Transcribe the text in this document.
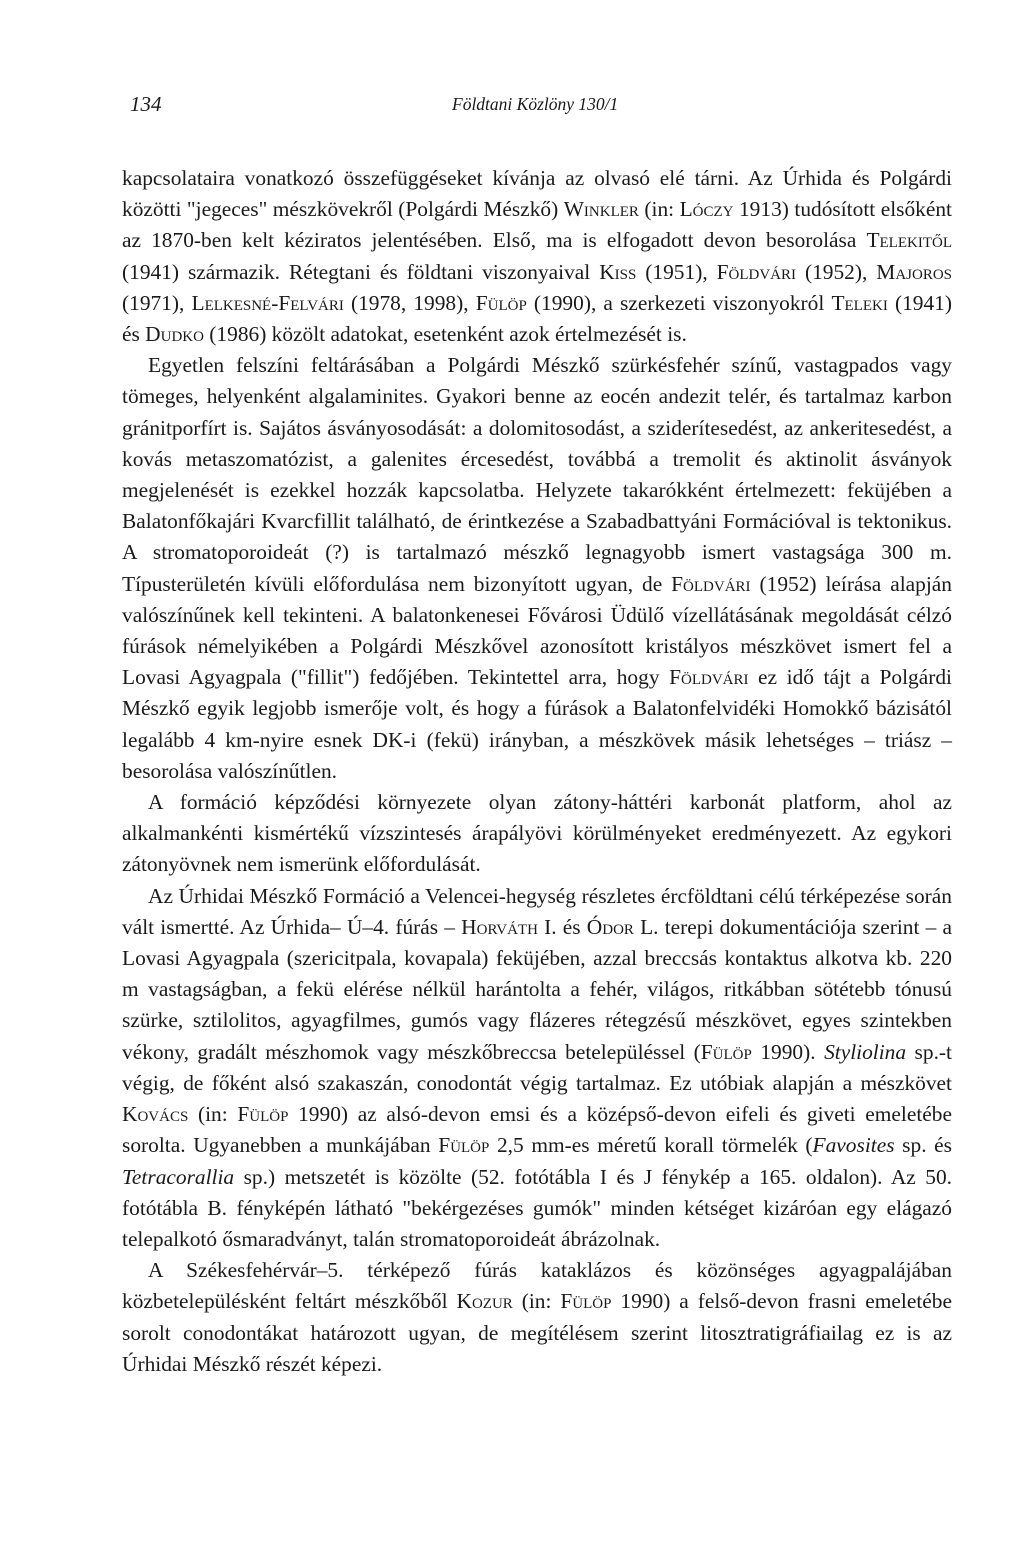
134	Földtani Közlöny 130/1

kapcsolataira vonatkozó összefüggéseket kívánja az olvasó elé tárni. Az Úrhida és Polgárdi közötti "jegeces" mészkövekről (Polgárdi Mészkő) Winkler (in: Lóczy 1913) tudósított elsőként az 1870-ben kelt kéziratos jelentésében. Első, ma is elfogadott devon besorolása Telekitől (1941) származik. Rétegtani és földtani viszonyaival Kiss (1951), Földvári (1952), Majoros (1971), Lelkesné-Felvári (1978, 1998), Fülöp (1990), a szerkezeti viszonyokról Teleki (1941) és Dudko (1986) közölt adatokat, esetenként azok értelmezését is.

Egyetlen felszíni feltárásában a Polgárdi Mészkő szürkésfehér színű, vastagpados vagy tömeges, helyenként algalaminites. Gyakori benne az eocén andezit telér, és tartalmaz karbon gránitporfírt is. Sajátos ásványosodását: a dolomitosodást, a sziderítesedést, az ankeritesedést, a kovás metaszomatózist, a galenites ércesedést, továbbá a tremolit és aktinolit ásványok megjelenését is ezekkel hozzák kapcsolatba. Helyzete takarókként értelmezett: feküjében a Balatonfőkajári Kvarcfillit található, de érintkezése a Szabadbattyáni Formációval is tektonikus. A stromatoporoideát (?) is tartalmazó mészkő legnagyobb ismert vastagsága 300 m. Típusterületén kívüli előfordulása nem bizonyított ugyan, de Földvári (1952) leírása alapján valószínűnek kell tekinteni. A balatonkenesei Fővárosi Üdülő vízellátásának megoldását célzó fúrások némelyikében a Polgárdi Mészkővel azonosított kristályos mészkövet ismert fel a Lovasi Agyagpala ("fillit") fedőjében. Tekintettel arra, hogy Földvári ez idő tájt a Polgárdi Mészkő egyik legjobb ismerője volt, és hogy a fúrások a Balatonfelvidéki Homokkő bázisától legalább 4 km-nyire esnek DK-i (fekü) irányban, a mészkövek másik lehetséges – triász – besorolása valószínűtlen.

A formáció képződési környezete olyan zátony-háttéri karbonát platform, ahol az alkalmankénti kismértékű vízszintesés árapályövi körülményeket eredményezett. Az egykori zátonyövnek nem ismerünk előfordulását.

Az Úrhidai Mészkő Formáció a Velencei-hegység részletes ércföldtani célú térképezése során vált ismertté. Az Úrhida– Ú–4. fúrás – Horváth I. és Ódor L. terepi dokumentációja szerint – a Lovasi Agyagpala (szericitpala, kovapala) feküjében, azzal breccsás kontaktus alkotva kb. 220 m vastagságban, a fekü elérése nélkül harántolta a fehér, világos, ritkábban sötétebb tónusú szürke, sztilolitos, agyagfilmes, gumós vagy flázeres rétegzésű mészkövet, egyes szintekben vékony, gradált mészhomok vagy mészkőbreccsa betelepüléssel (Fülöp 1990). Styliolina sp.-t végig, de főként alsó szakaszán, conodontát végig tartalmaz. Ez utóbiak alapján a mészkövet Kovács (in: Fülöp 1990) az alsó-devon emsi és a középső-devon eifeli és giveti emeletébe sorolta. Ugyanebben a munkájában Fülöp 2,5 mm-es méretű korall törmelék (Favosites sp. és Tetracorallia sp.) metszetét is közölte (52. fotótábla I és J fénykép a 165. oldalon). Az 50. fotótábla B. fényképén látható "bekérgezéses gumók" minden kétséget kizáróan egy elágazó telepalkotó ősmaradványt, talán stromatoporoideát ábrázolnak.

A Székesfehérvár–5. térképező fúrás kataklázos és közönséges agyagpalájában közbetelepülésként feltárt mészkőből Kozur (in: Fülöp 1990) a felső-devon frasni emeletébe sorolt conodontákat határozott ugyan, de megítélésem szerint litosztratigráfiailag ez is az Úrhidai Mészkő részét képezi.
